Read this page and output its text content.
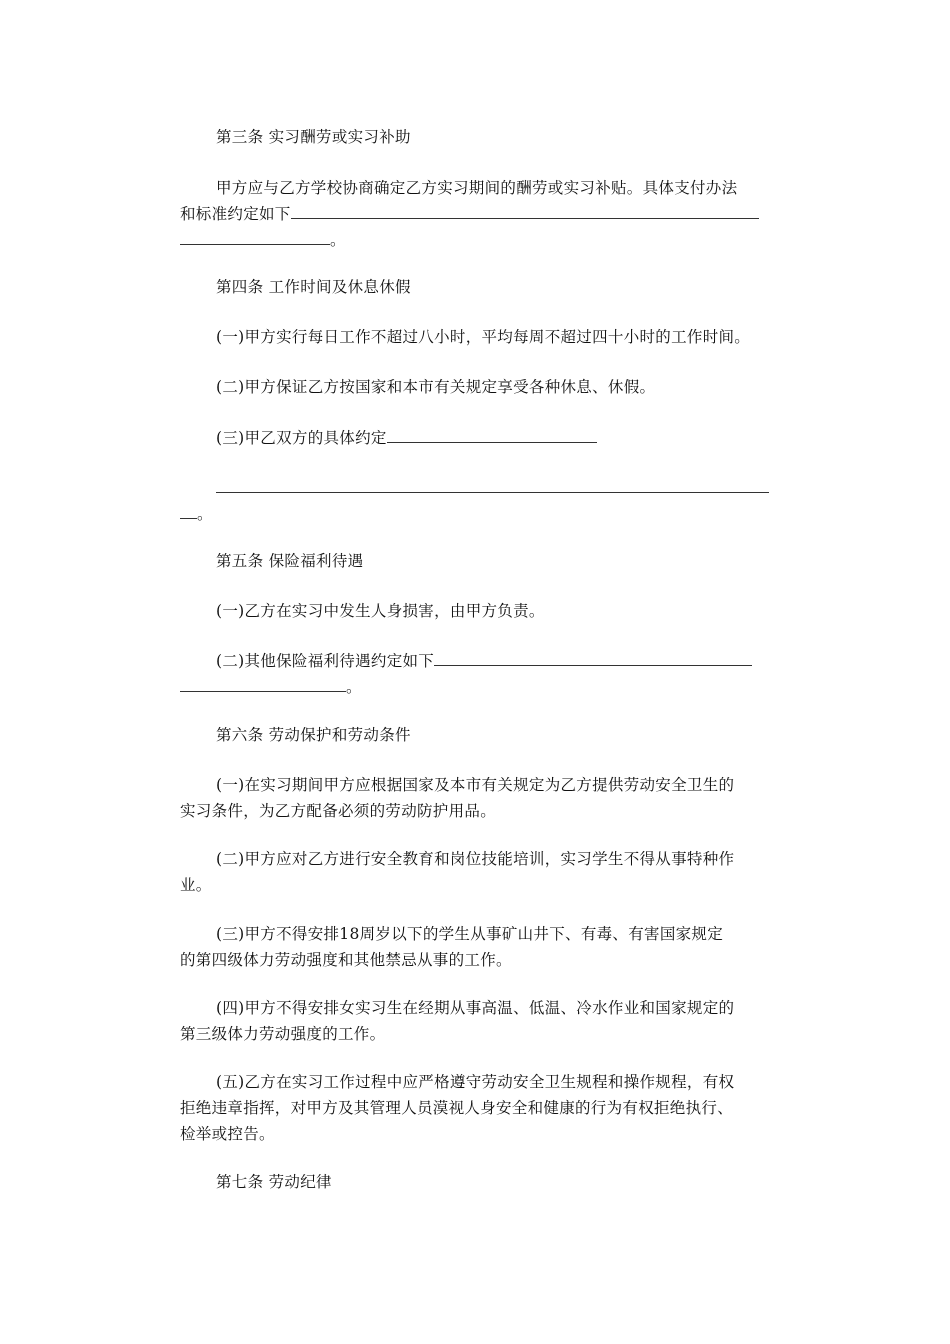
第三条 实习酬劳或实习补助
甲方应与乙方学校协商确定乙方实习期间的酬劳或实习补贴。具体支付办法
和标准约定如下
。
第四条 工作时间及休息休假
(一)甲方实行每日工作不超过八小时，平均每周不超过四十小时的工作时间。
(二)甲方保证乙方按国家和本市有关规定享受各种休息、休假。
(三)甲乙双方的具体约定
。
第五条 保险福利待遇
(一)乙方在实习中发生人身损害，由甲方负责。
(二)其他保险福利待遇约定如下
。
第六条 劳动保护和劳动条件
(一)在实习期间甲方应根据国家及本市有关规定为乙方提供劳动安全卫生的
实习条件，为乙方配备必须的劳动防护用品。
(二)甲方应对乙方进行安全教育和岗位技能培训，实习学生不得从事特种作
业。
(三)甲方不得安排18周岁以下的学生从事矿山井下、有毒、有害国家规定
的第四级体力劳动强度和其他禁忌从事的工作。
(四)甲方不得安排女实习生在经期从事高温、低温、冷水作业和国家规定的
第三级体力劳动强度的工作。
(五)乙方在实习工作过程中应严格遵守劳动安全卫生规程和操作规程，有权
拒绝违章指挥，对甲方及其管理人员漠视人身安全和健康的行为有权拒绝执行、
检举或控告。
第七条 劳动纪律
